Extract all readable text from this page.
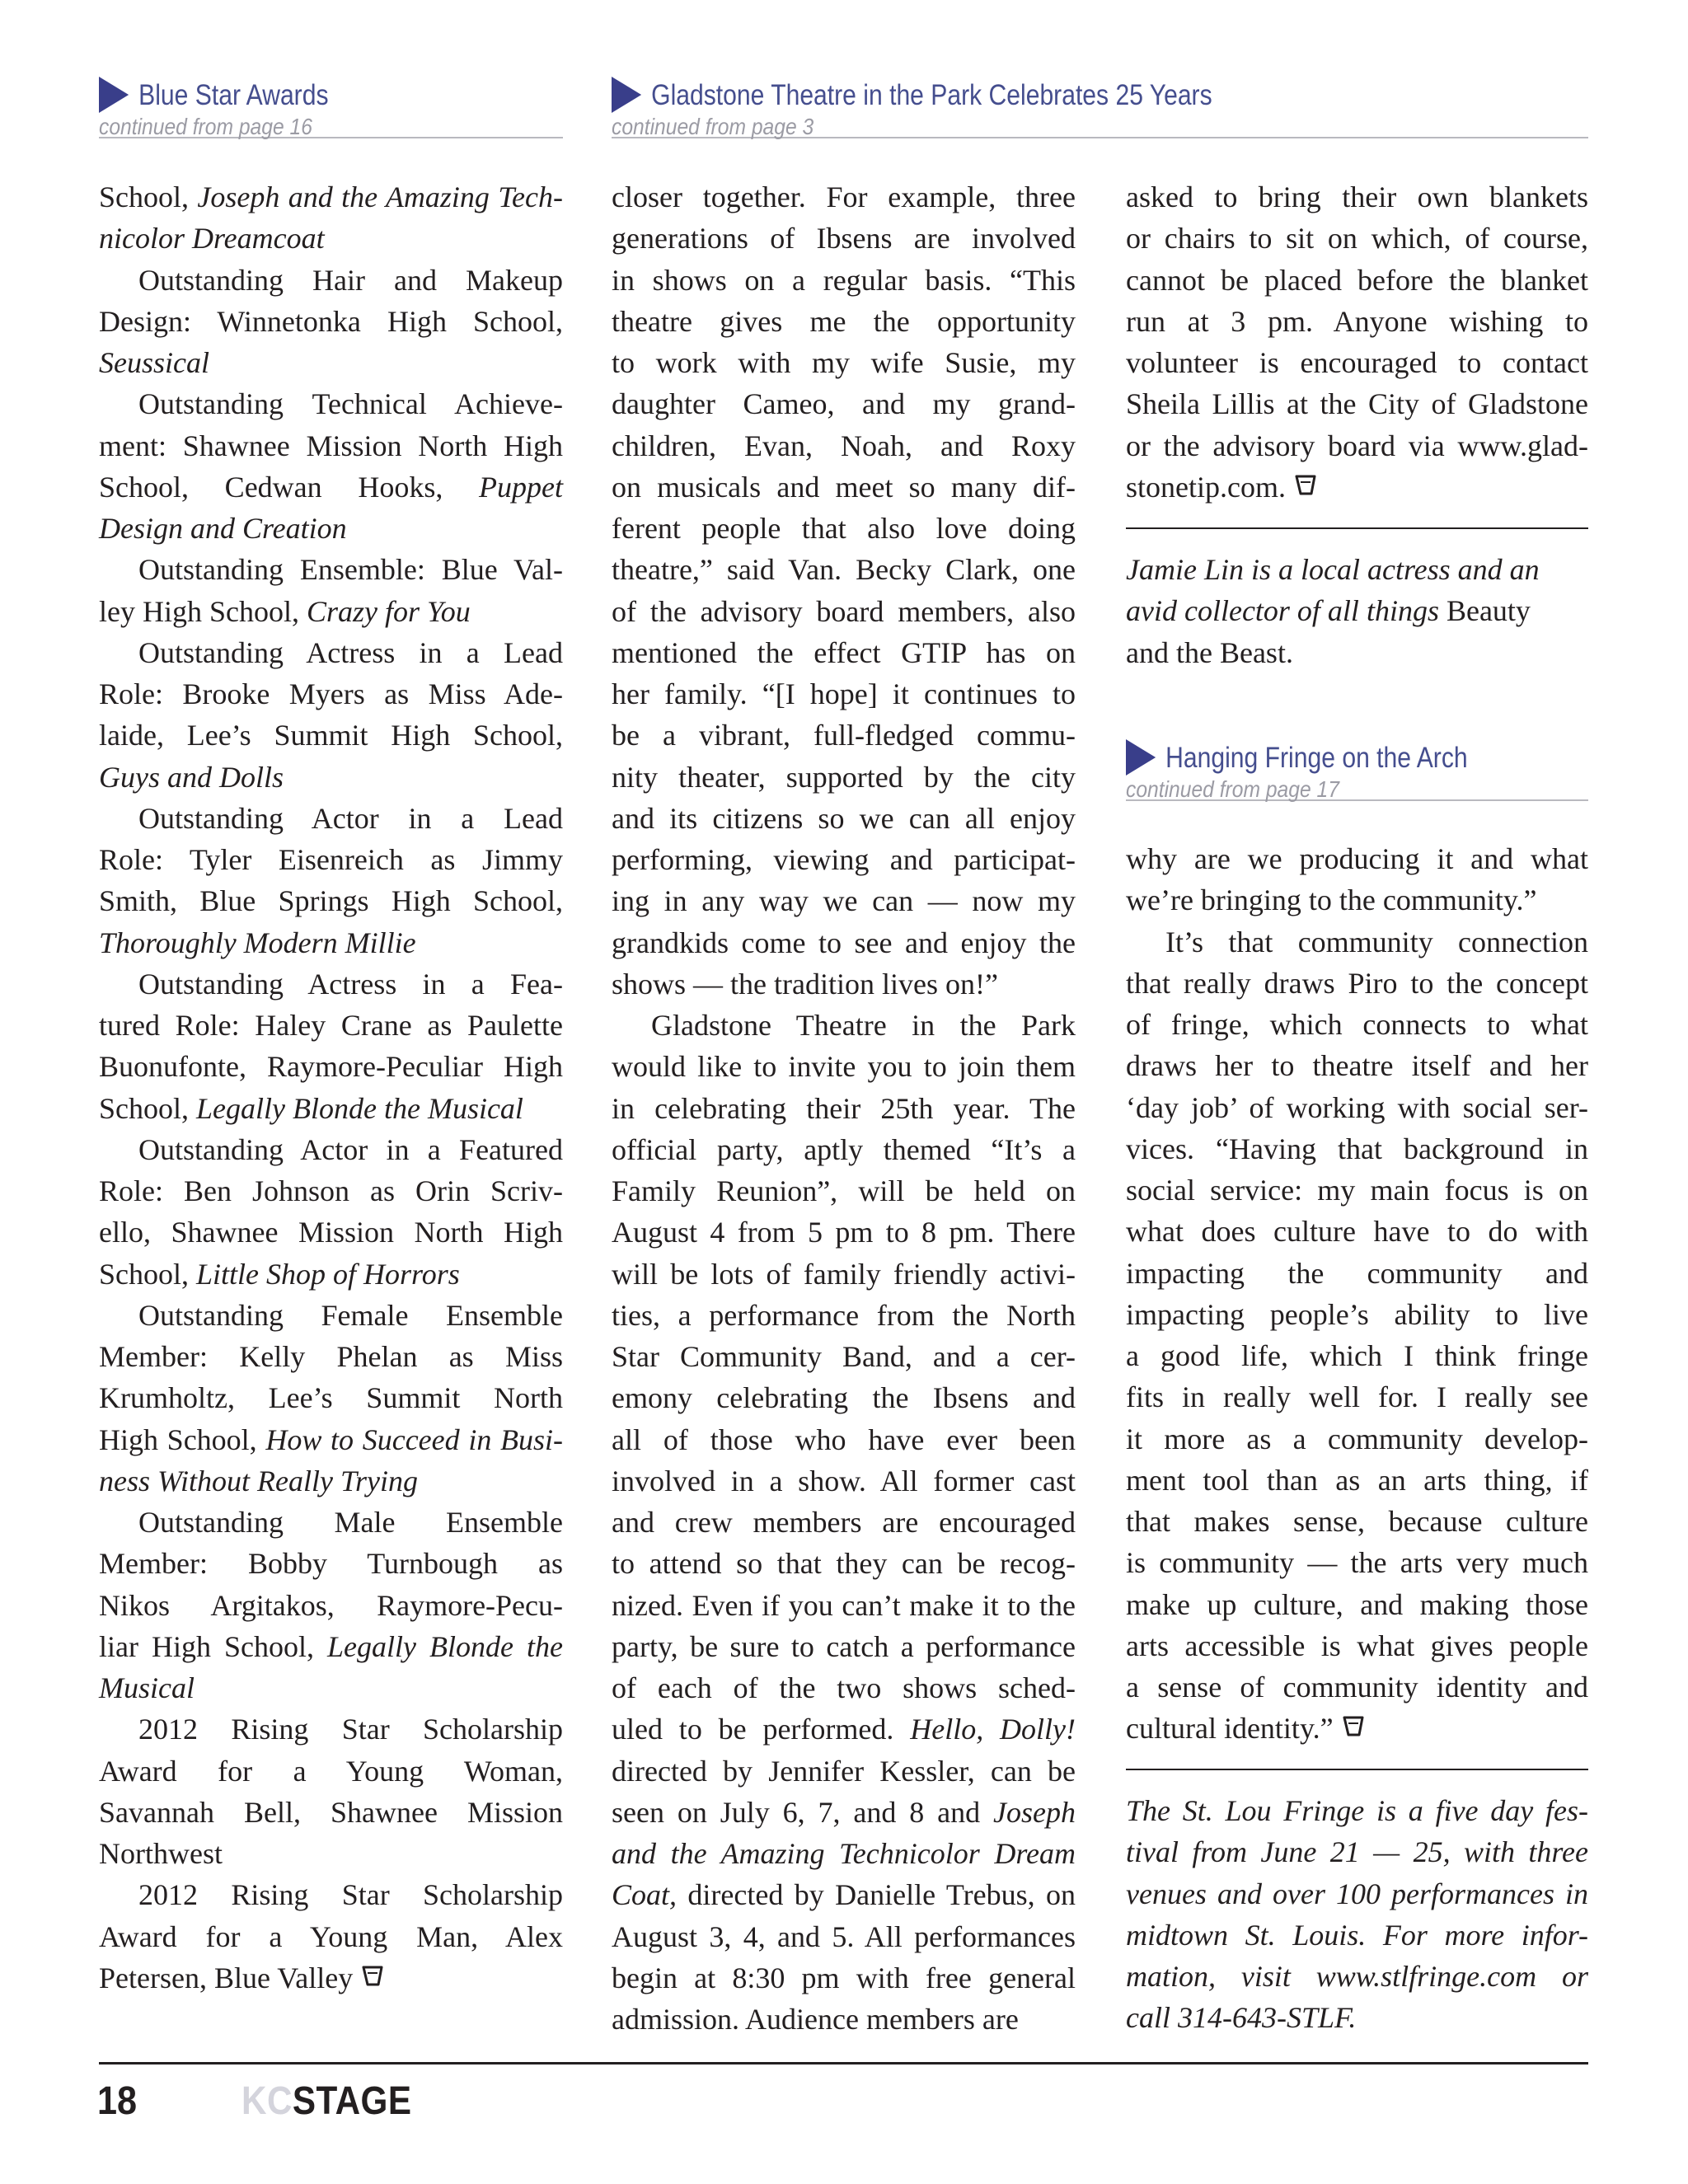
Blue Star Awards
continued from page 16
Gladstone Theatre in the Park Celebrates 25 Years
continued from page 3
Hanging Fringe on the Arch
continued from page 17
School, Joseph and the Amazing Tech-
nicolor Dreamcoat
Outstanding Hair and Makeup
Design: Winnetonka High School,
Seussical
Outstanding Technical Achieve-
ment: Shawnee Mission North High
School, Cedwan Hooks, Puppet
Design and Creation
Outstanding Ensemble: Blue Val-
ley High School, Crazy for You
Outstanding Actress in a Lead
Role: Brooke Myers as Miss Ade-
laide, Lee’s Summit High School,
Guys and Dolls
Outstanding Actor in a Lead
Role: Tyler Eisenreich as Jimmy
Smith, Blue Springs High School,
Thoroughly Modern Millie
Outstanding Actress in a Fea-
tured Role: Haley Crane as Paulette
Buonufonte, Raymore-Peculiar High
School, Legally Blonde the Musical
Outstanding Actor in a Featured
Role: Ben Johnson as Orin Scriv-
ello, Shawnee Mission North High
School, Little Shop of Horrors
Outstanding Female Ensemble
Member: Kelly Phelan as Miss
Krumholtz, Lee’s Summit North
High School, How to Succeed in Busi-
ness Without Really Trying
Outstanding Male Ensemble
Member: Bobby Turnbough as
Nikos Argitakos, Raymore-Pecu-
liar High School, Legally Blonde the
Musical
2012 Rising Star Scholarship
Award for a Young Woman,
Savannah Bell, Shawnee Mission
Northwest
2012 Rising Star Scholarship
Award for a Young Man, Alex
Petersen, Blue Valley
closer together. For example, three
generations of Ibsens are involved
in shows on a regular basis. “This
theatre gives me the opportunity
to work with my wife Susie, my
daughter Cameo, and my grand-
children, Evan, Noah, and Roxy
on musicals and meet so many dif-
ferent people that also love doing
theatre,” said Van. Becky Clark, one
of the advisory board members, also
mentioned the effect GTIP has on
her family. “[I hope] it continues to
be a vibrant, full-fledged commu-
nity theater, supported by the city
and its citizens so we can all enjoy
performing, viewing and participat-
ing in any way we can — now my
grandkids come to see and enjoy the
shows — the tradition lives on!”
Gladstone Theatre in the Park
would like to invite you to join them
in celebrating their 25th year. The
official party, aptly themed “It’s a
Family Reunion”, will be held on
August 4 from 5 pm to 8 pm. There
will be lots of family friendly activi-
ties, a performance from the North
Star Community Band, and a cer-
emony celebrating the Ibsens and
all of those who have ever been
involved in a show. All former cast
and crew members are encouraged
to attend so that they can be recog-
nized. Even if you can’t make it to the
party, be sure to catch a performance
of each of the two shows sched-
uled to be performed. Hello, Dolly!
directed by Jennifer Kessler, can be
seen on July 6, 7, and 8 and Joseph
and the Amazing Technicolor Dream
Coat, directed by Danielle Trebus, on
August 3, 4, and 5. All performances
begin at 8:30 pm with free general
admission. Audience members are
asked to bring their own blankets
or chairs to sit on which, of course,
cannot be placed before the blanket
run at 3 pm. Anyone wishing to
volunteer is encouraged to contact
Sheila Lillis at the City of Gladstone
or the advisory board via www.glad-
stonetip.com.
Jamie Lin is a local actress and an
avid collector of all things Beauty
and the Beast.
why are we producing it and what
we’re bringing to the community.”
It’s that community connection
that really draws Piro to the concept
of fringe, which connects to what
draws her to theatre itself and her
‘day job’ of working with social ser-
vices. “Having that background in
social service: my main focus is on
what does culture have to do with
impacting the community and
impacting people’s ability to live
a good life, which I think fringe
fits in really well for. I really see
it more as a community develop-
ment tool than as an arts thing, if
that makes sense, because culture
is community — the arts very much
make up culture, and making those
arts accessible is what gives people
a sense of community identity and
cultural identity.”
The St. Lou Fringe is a five day fes-
tival from June 21 — 25, with three
venues and over 100 performances in
midtown St. Louis. For more infor-
mation, visit www.stlfringe.com or
call 314-643-STLF.
18	KCSTAGE
